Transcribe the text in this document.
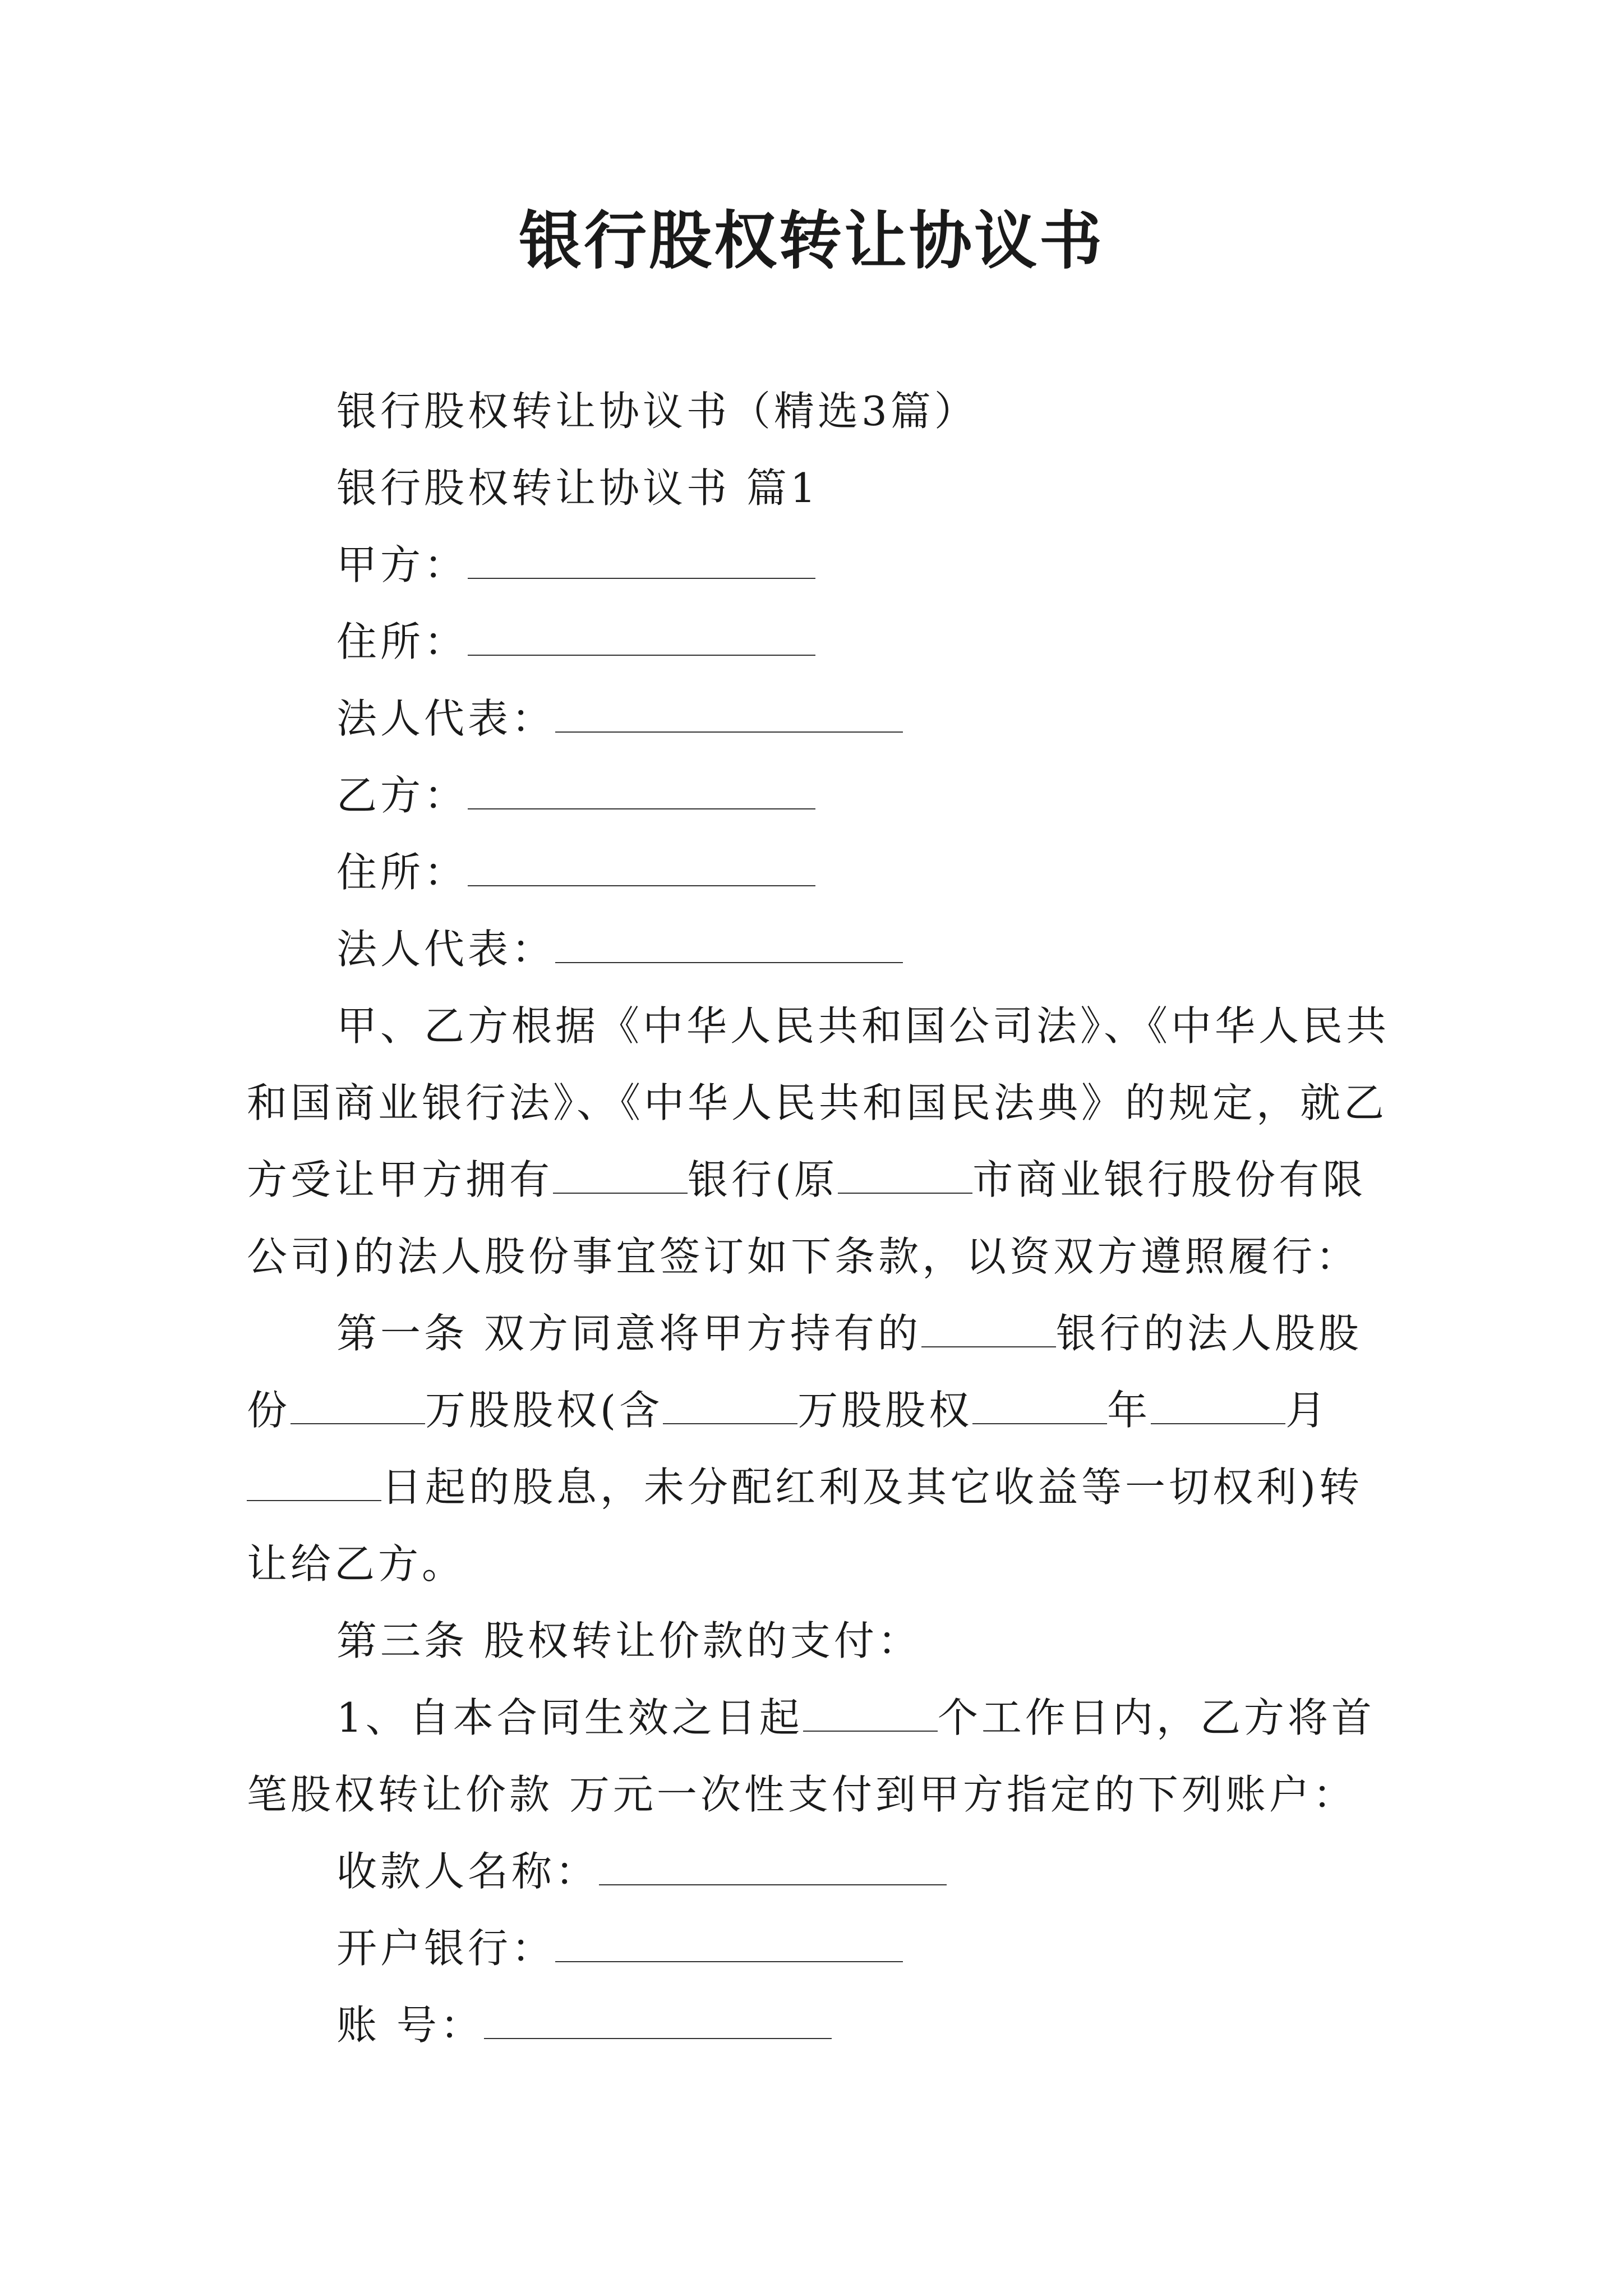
银行股权转让协议书
银行股权转让协议书（精选3篇）
银行股权转让协议书 篇1
甲方：
住所：
法人代表：
乙方：
住所：
法人代表：
甲、乙方根据《中华人民共和国公司法》、《中华人民共
和国商业银行法》、《中华人民共和国民法典》的规定，就乙
方受让甲方拥有	银行(原	市商业银行股份有限
公司)的法人股份事宜签订如下条款，以资双方遵照履行：
第一条 双方同意将甲方持有的	银行的法人股股
份	万股股权(含	万股股权	年	月
日起的股息，未分配红利及其它收益等一切权利)转
让给乙方。
第三条 股权转让价款的支付：
1、自本合同生效之日起	个工作日内，乙方将首
笔股权转让价款 万元一次性支付到甲方指定的下列账户：
收款人名称：
开户银行：
账 号：
